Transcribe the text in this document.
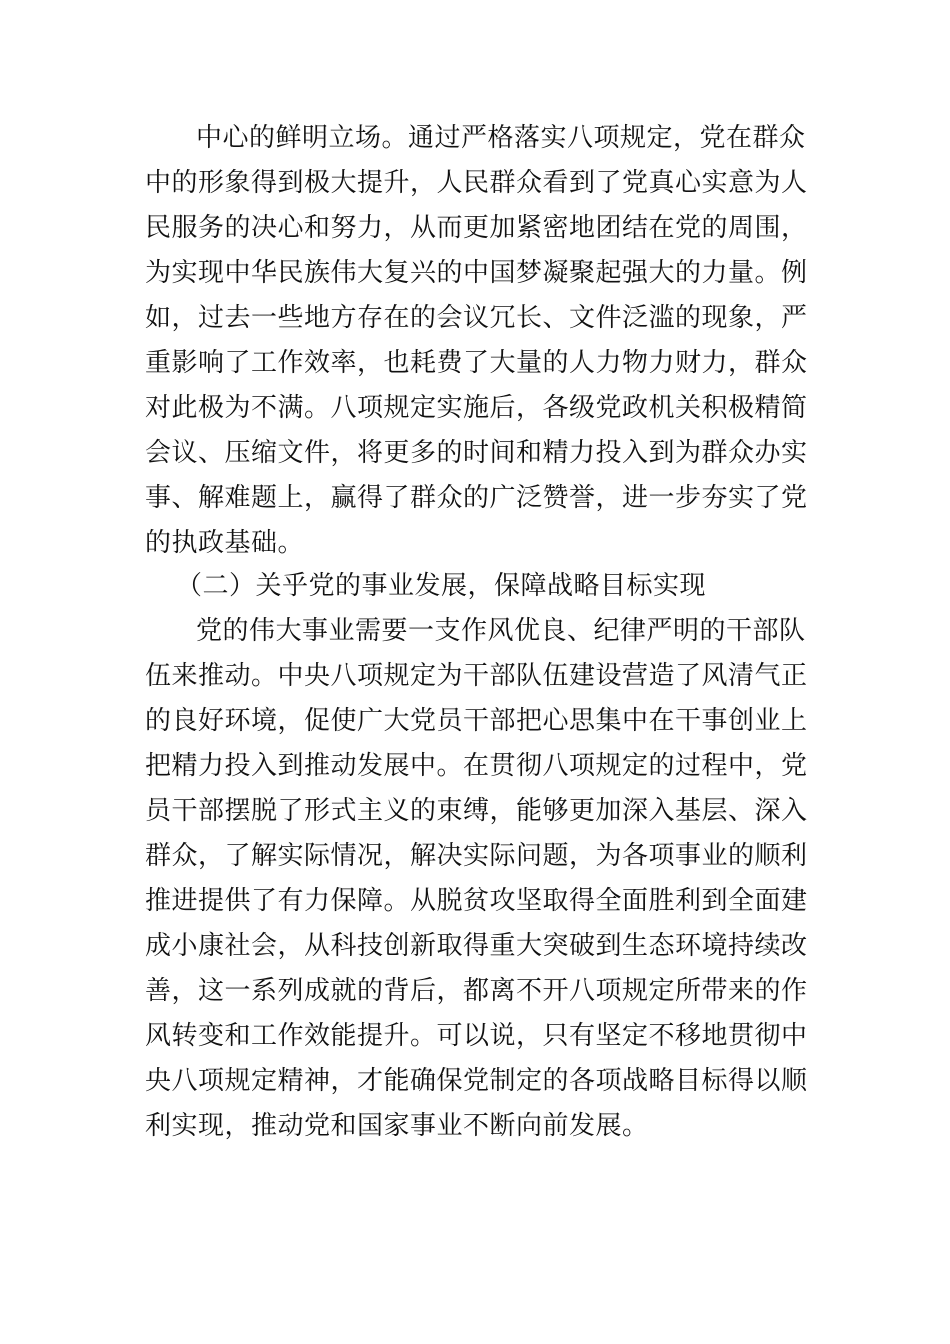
中心的鲜明立场。通过严格落实八项规定，党在群众
中的形象得到极大提升，人民群众看到了党真心实意为人
民服务的决心和努力，从而更加紧密地团结在党的周围，
为实现中华民族伟大复兴的中国梦凝聚起强大的力量。例
如，过去一些地方存在的会议冗长、文件泛滥的现象，严
重影响了工作效率，也耗费了大量的人力物力财力，群众
对此极为不满。八项规定实施后，各级党政机关积极精简
会议、压缩文件，将更多的时间和精力投入到为群众办实
事、解难题上，赢得了群众的广泛赞誉，进一步夯实了党
的执政基础。
（二）关乎党的事业发展，保障战略目标实现
党的伟大事业需要一支作风优良、纪律严明的干部队
伍来推动。中央八项规定为干部队伍建设营造了风清气正
的良好环境，促使广大党员干部把心思集中在干事创业上
把精力投入到推动发展中。在贯彻八项规定的过程中，党
员干部摆脱了形式主义的束缚，能够更加深入基层、深入
群众，了解实际情况，解决实际问题，为各项事业的顺利
推进提供了有力保障。从脱贫攻坚取得全面胜利到全面建
成小康社会，从科技创新取得重大突破到生态环境持续改
善，这一系列成就的背后，都离不开八项规定所带来的作
风转变和工作效能提升。可以说，只有坚定不移地贯彻中
央八项规定精神，才能确保党制定的各项战略目标得以顺
利实现，推动党和国家事业不断向前发展。
